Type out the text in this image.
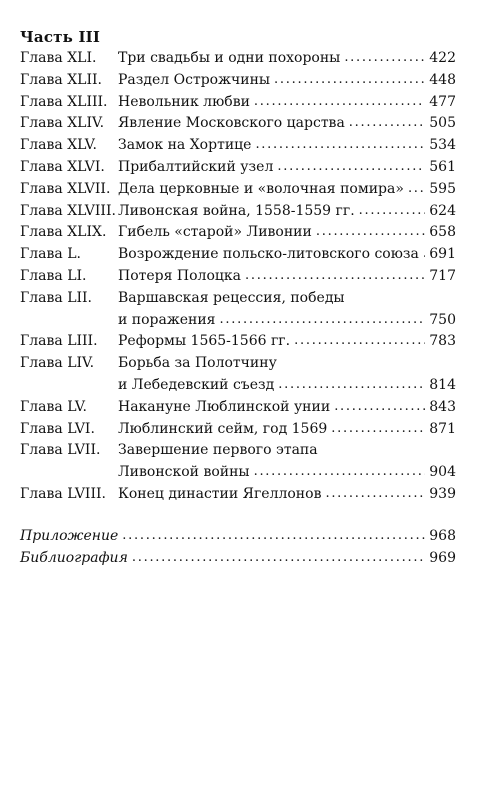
Часть III
Глава XLI.	Три свадьбы и одни похороны . . .	422
Глава XLII.	Раздел Острожчины . . .	448
Глава XLIII. Невольник любви . . .	477
Глава XLIV. Явление Московского царства . . .	505
Глава XLV.	Замок на Хортице . . .	534
Глава XLVI. Прибалтийский узел . . .	561
Глава XLVII. Дела церковные и «волочная помира» . . . 595
Глава XLVIII. Ливонская война, 1558-1559 гг. . . .	624
Глава XLIX. Гибель «старой» Ливонии . . .	658
Глава L.	Возрождение польско-литовского союза . . . 691
Глава LI.	Потеря Полоцка . . .	717
Глава LII.	Варшавская рецессия, победы
и поражения . . .	750
Глава LIII.	Реформы 1565-1566 гг. . . .	783
Глава LIV.	Борьба за Полотчину
и Лебедевский съезд . . .	814
Глава LV.	Накануне Люблинской унии . . .	843
Глава LVI.	Люблинский сейм, год 1569 . . .	871
Глава LVII.	Завершение первого этапа
Ливонской войны . . .	904
Глава LVIII. Конец династии Ягеллонов . . .	939
Приложение . . .	968
Библиография . . .	969
